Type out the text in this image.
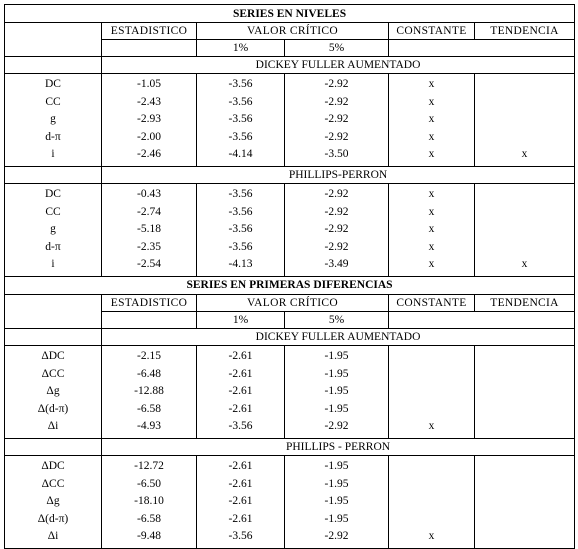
SERIES EN NIVELES					
	ESTADISTICO	VALOR CRÍTICO		CONSTANTE	TENDENCIA
		1%	5%		
	DICKEY FULLER AUMENTADO				
DC	-1.05	-3.56	-2.92	x	
CC	-2.43	-3.56	-2.92	x	
g	-2.93	-3.56	-2.92	x	
d-π	-2.00	-3.56	-2.92	x	
i	-2.46	-4.14	-3.50	x	x
	PHILLIPS-PERRON				
DC	-0.43	-3.56	-2.92	x	
CC	-2.74	-3.56	-2.92	x	
g	-5.18	-3.56	-2.92	x	
d-π	-2.35	-3.56	-2.92	x	
i	-2.54	-4.13	-3.49	x	x
SERIES EN PRIMERAS DIFERENCIAS					
	ESTADISTICO	VALOR CRÍTICO		CONSTANTE	TENDENCIA
		1%	5%		
	DICKEY FULLER AUMENTADO				
ΔDC	-2.15	-2.61	-1.95		
ΔCC	-6.48	-2.61	-1.95		
Δg	-12.88	-2.61	-1.95		
Δ(d-π)	-6.58	-2.61	-1.95		
Δi	-4.93	-3.56	-2.92	x	
	PHILLIPS - PERRON				
ΔDC	-12.72	-2.61	-1.95		
ΔCC	-6.50	-2.61	-1.95		
Δg	-18.10	-2.61	-1.95		
Δ(d-π)	-6.58	-2.61	-1.95		
Δi	-9.48	-3.56	-2.92	x	
